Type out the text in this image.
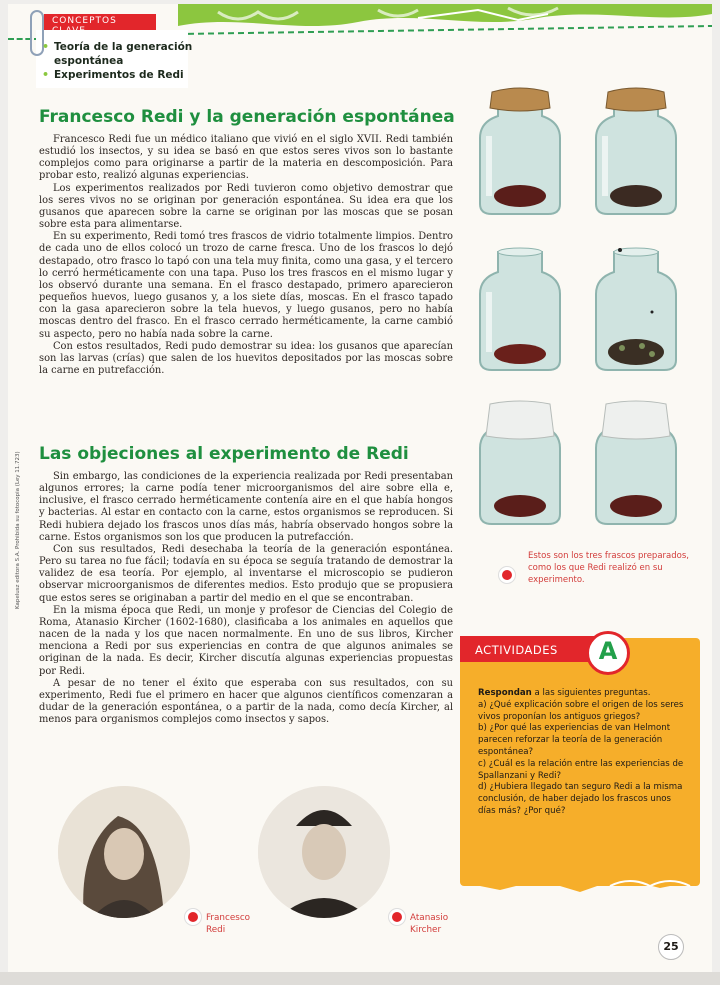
CONCEPTOS CLAVE
• Teoría de la generación espontánea
• Experimentos de Redi
Francesco Redi y la generación espontánea

Francesco Redi fue un médico italiano que vivió en el siglo XVII. Redi también estudió los insectos, y su idea se basó en que estos seres vivos son lo bastante complejos como para originarse a partir de la materia en descomposición. Para probar esto, realizó algunas experiencias.

Los experimentos realizados por Redi tuvieron como objetivo demostrar que los seres vivos no se originan por generación espontánea. Su idea era que los gusanos que aparecen sobre la carne se originan por las moscas que se posan sobre esta para alimentarse.

En su experimento, Redi tomó tres frascos de vidrio totalmente limpios. Dentro de cada uno de ellos colocó un trozo de carne fresca. Uno de los frascos lo dejó destapado, otro frasco lo tapó con una tela muy finita, como una gasa, y el tercero lo cerró herméticamente con una tapa. Puso los tres frascos en el mismo lugar y los observó durante una semana. En el frasco destapado, primero aparecieron pequeños huevos, luego gusanos y, a los siete días, moscas. En el frasco tapado con la gasa aparecieron sobre la tela huevos, y luego gusanos, pero no había moscas dentro del frasco. En el frasco cerrado herméticamente, la carne cambió su aspecto, pero no había nada sobre la carne.

Con estos resultados, Redi pudo demostrar su idea: los gusanos que aparecían son las larvas (crías) que salen de los huevitos depositados por las moscas sobre la carne en putrefacción.

Las objeciones al experimento de Redi

Sin embargo, las condiciones de la experiencia realizada por Redi presentaban algunos errores; la carne podía tener microorganismos del aire sobre ella e, inclusive, el frasco cerrado herméticamente contenía aire en el que había hongos y bacterias. Al estar en contacto con la carne, estos organismos se reproducen. Si Redi hubiera dejado los frascos unos días más, habría observado hongos sobre la carne. Estos organismos son los que producen la putrefacción.

Con sus resultados, Redi desechaba la teoría de la generación espontánea. Pero su tarea no fue fácil; todavía en su época se seguía tratando de demostrar la validez de esa teoría. Por ejemplo, al inventarse el microscopio se pudieron observar microorganismos de diferentes medios. Esto produjo que se propusiera que estos seres se originaban a partir del medio en el que se encontraban.

En la misma época que Redi, un monje y profesor de Ciencias del Colegio de Roma, Atanasio Kircher (1602-1680), clasificaba a los animales en aquellos que nacen de la nada y los que nacen normalmente. En uno de sus libros, Kircher menciona a Redi por sus experiencias en contra de que algunos animales se originan de la nada. Es decir, Kircher discutía algunas experiencias propuestas por Redi.

A pesar de no tener el éxito que esperaba con sus resultados, con su experimento, Redi fue el primero en hacer que algunos científicos comenzaran a dudar de la generación espontánea, o a partir de la nada, como decía Kircher, al menos para organismos complejos como insectos y sapos.

Kapelusz editora S.A. Prohibida su fotocopia (Ley 11.723)	Estos son los tres frascos preparados, como los que Redi realizó en su experimento.
ACTIVIDADES	A
Respondan a las siguientes preguntas.
a) ¿Qué explicación sobre el origen de los seres vivos proponían los antiguos griegos?
b) ¿Por qué las experiencias de van Helmont parecen reforzar la teoría de la generación espontánea?
c) ¿Cuál es la relación entre las experiencias de Spallanzani y Redi?
d) ¿Hubiera llegado tan seguro Redi a la misma conclusión, de haber dejado los frascos unos días más? ¿Por qué?
Francesco Redi
Atanasio Kircher
25
